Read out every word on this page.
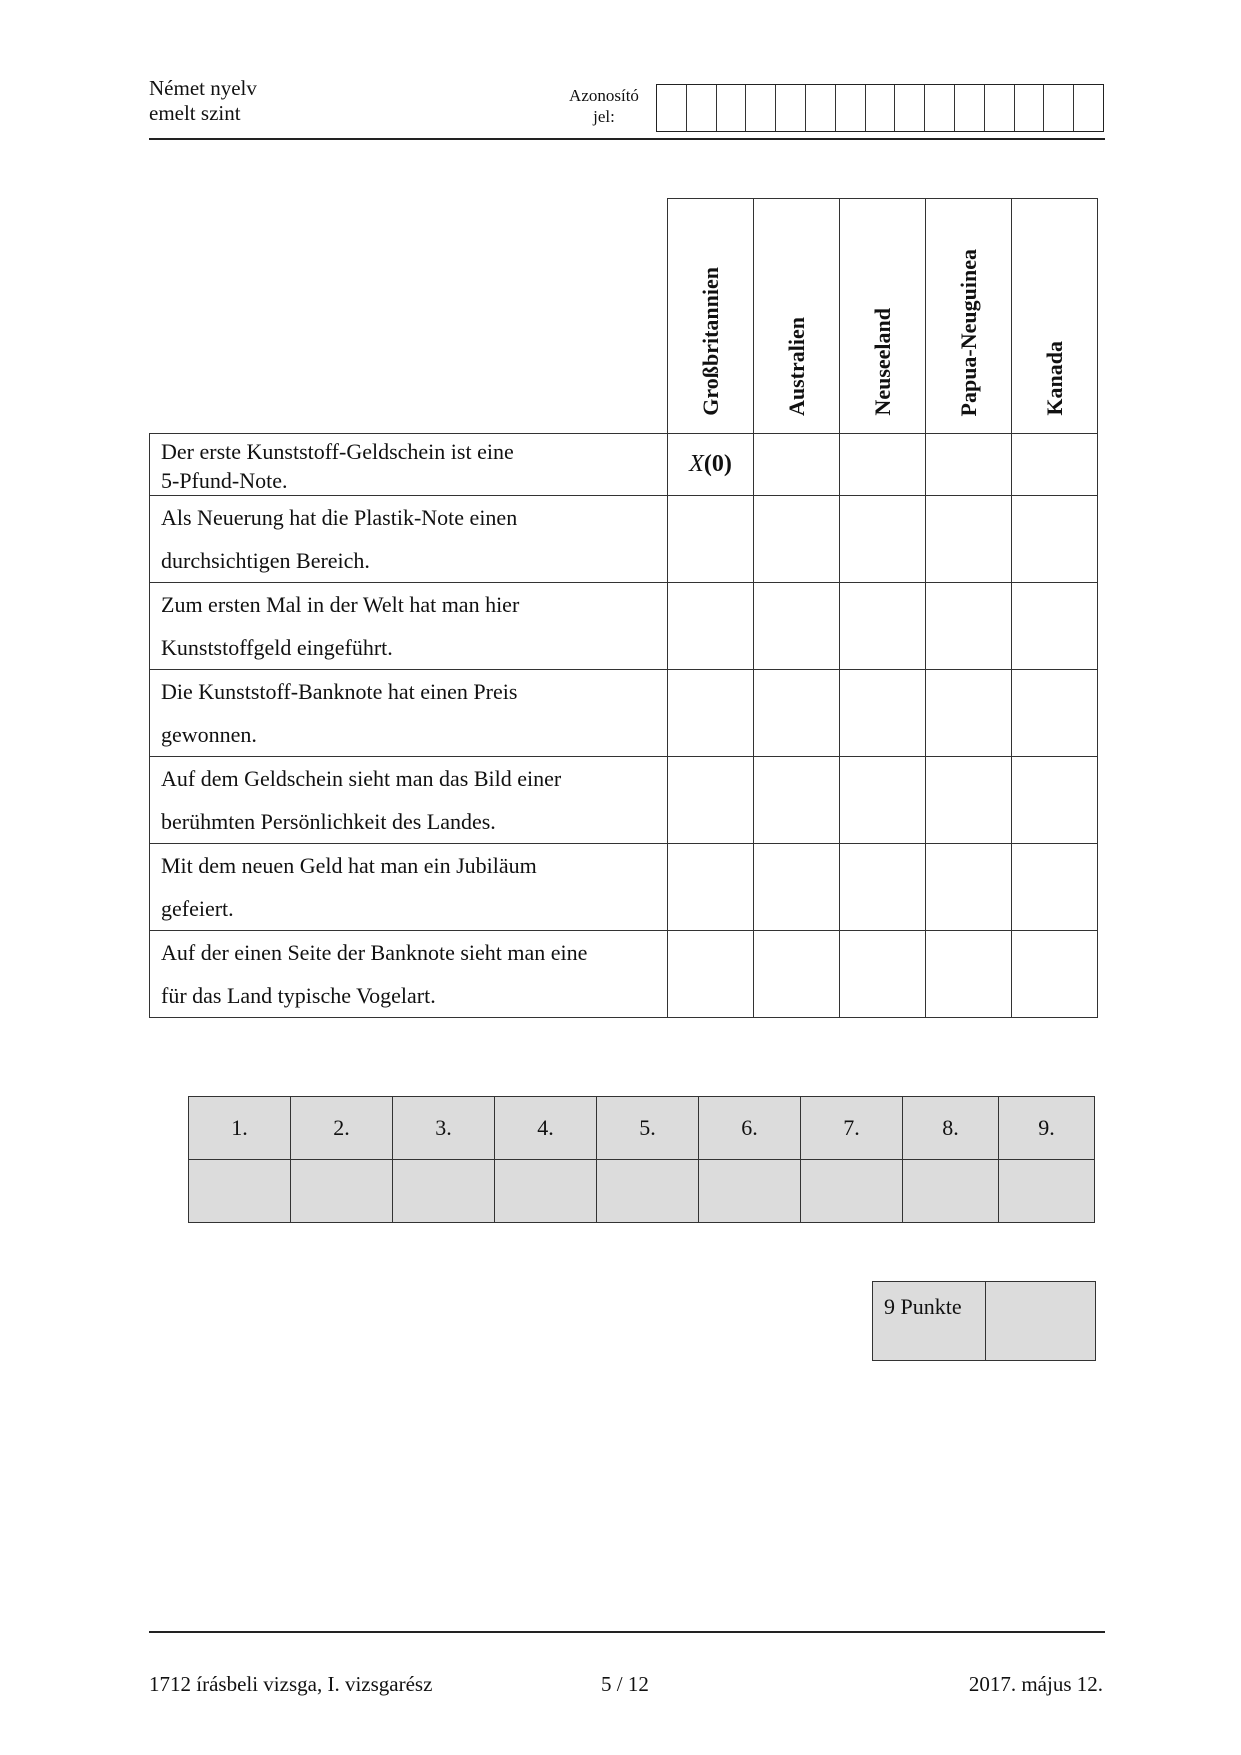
Német nyelv
emelt szint
Azonosító
jel:
	Großbritannien	Australien	Neuseeland	Papua-Neuguinea	Kanada

Der erste Kunststoff-Geldschein ist eine
5-Pfund-Note.	X(0)				

Als Neuerung hat die Plastik-Note einen
durchsichtigen Bereich.					

Zum ersten Mal in der Welt hat man hier
Kunststoffgeld eingeführt.					

Die Kunststoff-Banknote hat einen Preis
gewonnen.					

Auf dem Geldschein sieht man das Bild einer
berühmten Persönlichkeit des Landes.					

Mit dem neuen Geld hat man ein Jubiläum
gefeiert.					

Auf der einen Seite der Banknote sieht man eine
für das Land typische Vogelart.					

1.	2.	3.	4.	5.	6.	7.	8.	9.

9 Punkte	
1712 írásbeli vizsga, I. vizsgarész	5 / 12	2017. május 12.
